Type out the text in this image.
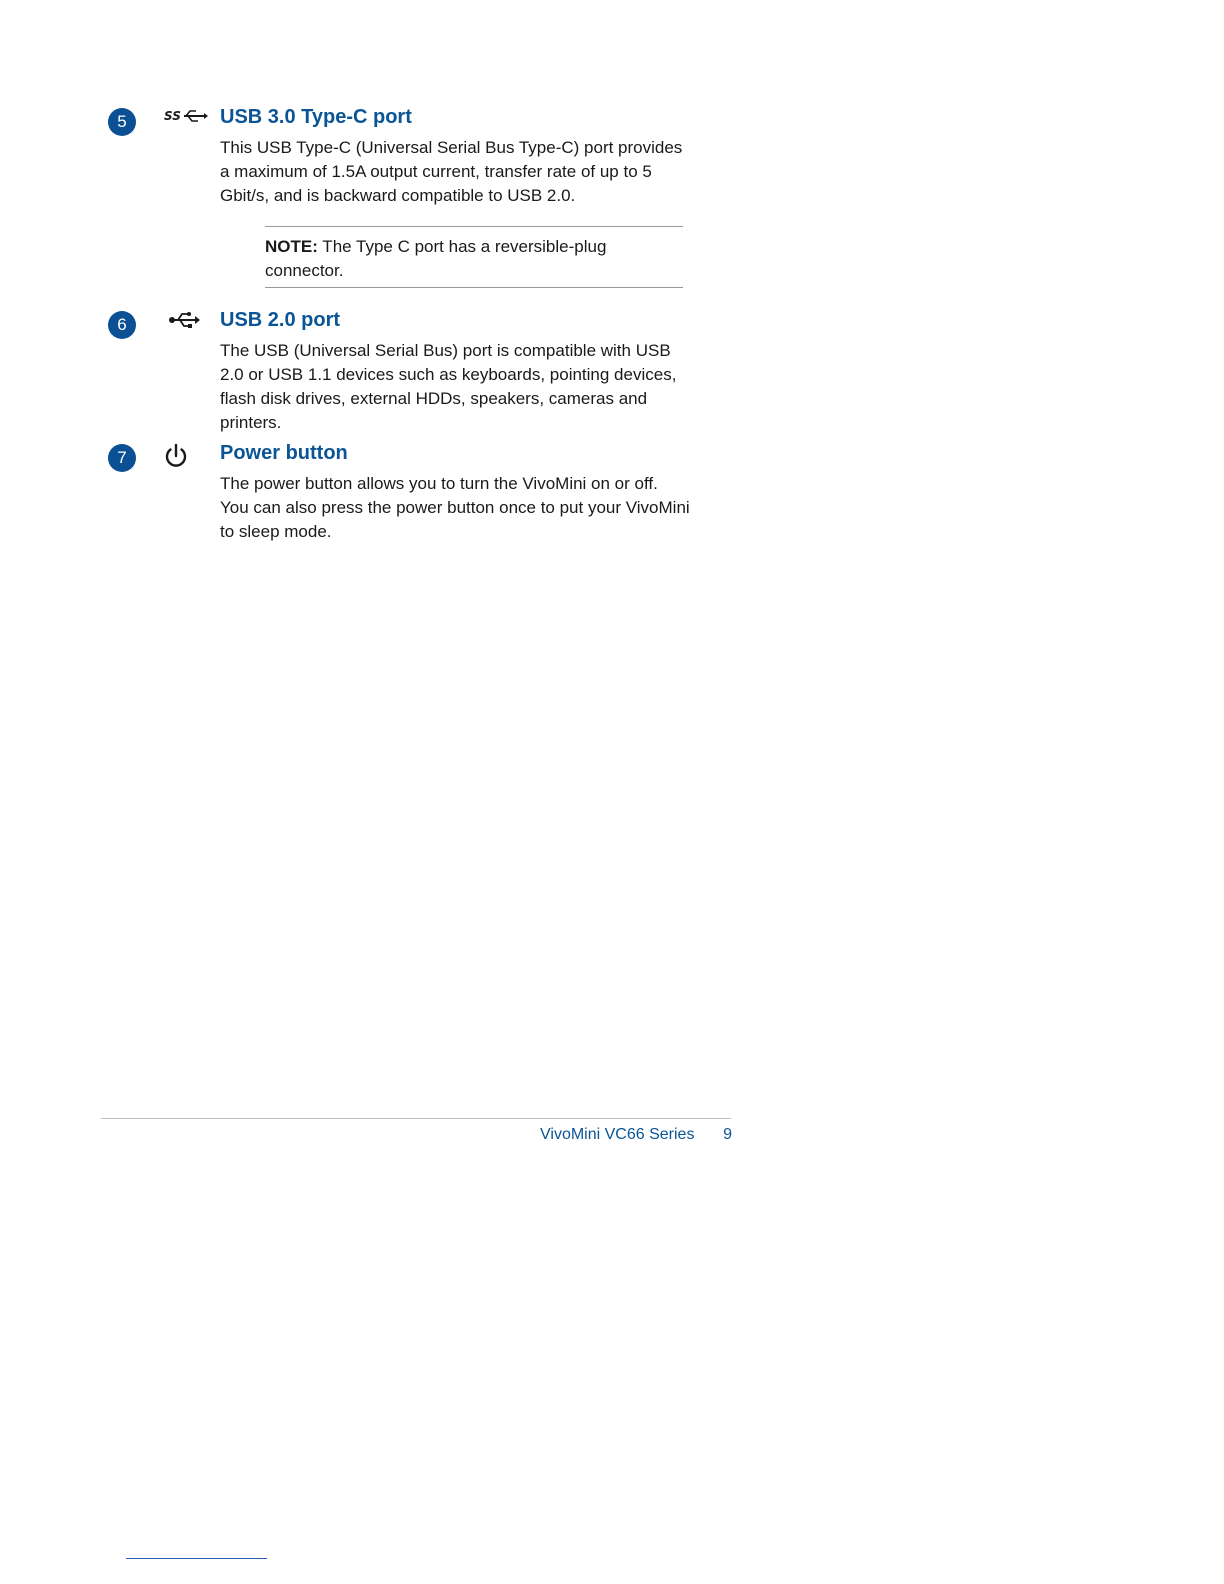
5	SS USB 3.0 Type-C port

This USB Type-C (Universal Serial Bus Type-C) port provides a maximum of 1.5A output current, transfer rate of up to 5 Gbit/s, and is backward compatible to USB 2.0.

NOTE: The Type C port has a reversible-plug connector.

6	USB 2.0 port

The USB (Universal Serial Bus) port is compatible with USB 2.0 or USB 1.1 devices such as keyboards, pointing devices, flash disk drives, external HDDs, speakers, cameras and printers.

7	Power button

The power button allows you to turn the VivoMini on or off. You can also press the power button once to put your VivoMini to sleep mode.

VivoMini VC66 Series	9
